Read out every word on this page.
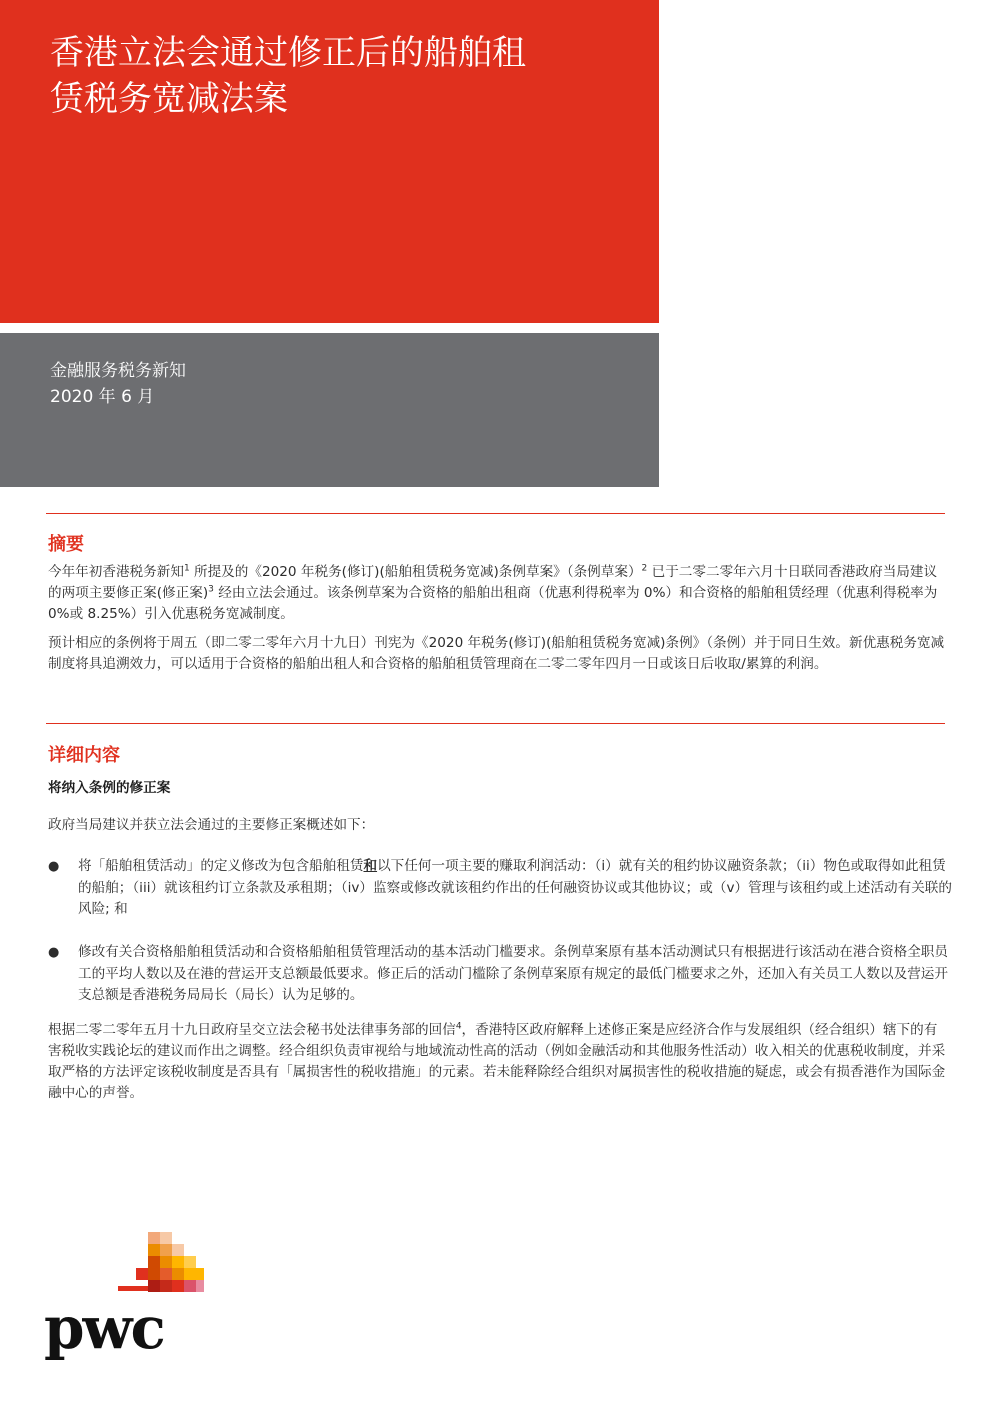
香港立法会通过修正后的船舶租
赁税务宽减法案
金融服务税务新知
2020 年 6 月
摘要

今年年初香港税务新知$^1$ 所提及的《2020 年税务(修订)(船舶租赁税务宽减)条例草案》（条例草案）$^2$ 已于二零二零年六月十日联同香港政府当局建议的两项主要修正案(修正案)$^3$ 经由立法会通过。该条例草案为合资格的船舶出租商（优惠利得税率为 0%）和合资格的船舶租赁经理（优惠利得税率为 0%或 8.25%）引入优惠税务宽减制度。

预计相应的条例将于周五（即二零二零年六月十九日）刊宪为《2020 年税务(修订)(船舶租赁税务宽减)条例》（条例）并于同日生效。新优惠税务宽减制度将具追溯效力，可以适用于合资格的船舶出租人和合资格的船舶租赁管理商在二零二零年四月一日或该日后收取/累算的利润。

详细内容
将纳入条例的修正案

政府当局建议并获立法会通过的主要修正案概述如下：

● 将「船舶租赁活动」的定义修改为包含船舶租赁和以下任何一项主要的赚取利润活动：（i）就有关的租约协议融资条款；（ii）物色或取得如此租赁的船舶；（iii）就该租约订立条款及承租期；（iv）监察或修改就该租约作出的任何融资协议或其他协议；或（v）管理与该租约或上述活动有关联的风险; 和
● 修改有关合资格船舶租赁活动和合资格船舶租赁管理活动的基本活动门槛要求。条例草案原有基本活动测试只有根据进行该活动在港合资格全职员工的平均人数以及在港的营运开支总额最低要求。修正后的活动门槛除了条例草案原有规定的最低门槛要求之外，还加入有关员工人数以及营运开支总额是香港税务局局长（局长）认为足够的。

根据二零二零年五月十九日政府呈交立法会秘书处法律事务部的回信$^4$，香港特区政府解释上述修正案是应经济合作与发展组织（经合组织）辖下的有害税收实践论坛的建议而作出之调整。经合组织负责审视给与地域流动性高的活动（例如金融活动和其他服务性活动）收入相关的优惠税收制度，并采取严格的方法评定该税收制度是否具有「属损害性的税收措施」的元素。若未能释除经合组织对属损害性的税收措施的疑虑，或会有损香港作为国际金融中心的声誉。

pwc
